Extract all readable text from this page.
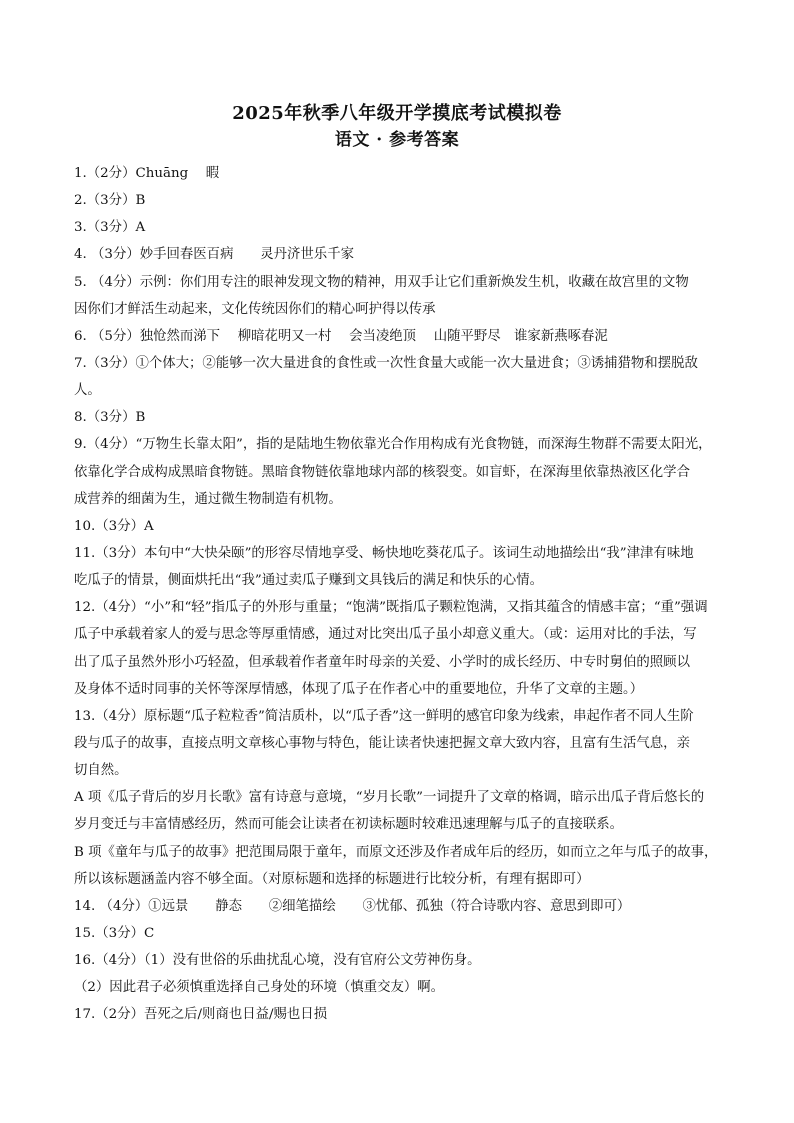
2025年秋季八年级开学摸底考试模拟卷
语文 · 参考答案
1.（2分）Chuāng　 暇
2.（3分）B
3.（3分）A
4. （3分）妙手回春医百病　　灵丹济世乐千家
5. （4分）示例：你们用专注的眼神发现文物的精神，用双手让它们重新焕发生机，收藏在故宫里的文物
因你们才鲜活生动起来，文化传统因你们的精心呵护得以传承
6. （5分）独怆然而涕下　 柳暗花明又一村　 会当凌绝顶　 山随平野尽　谁家新燕啄春泥
7.（3分）①个体大；②能够一次大量进食的食性或一次性食量大或能一次大量进食；③诱捕猎物和摆脱敌
人。
8.（3分）B
9.（4分）“万物生长靠太阳”，指的是陆地生物依靠光合作用构成有光食物链，而深海生物群不需要太阳光，
依靠化学合成构成黑暗食物链。黑暗食物链依靠地球内部的核裂变。如盲虾，在深海里依靠热液区化学合
成营养的细菌为生，通过微生物制造有机物。
10.（3分）A
11.（3分）本句中“大快朵颐”的形容尽情地享受、畅快地吃葵花瓜子。该词生动地描绘出“我”津津有味地
吃瓜子的情景，侧面烘托出“我”通过卖瓜子赚到文具钱后的满足和快乐的心情。
12.（4分）“小”和“轻”指瓜子的外形与重量；“饱满”既指瓜子颗粒饱满，又指其蕴含的情感丰富；“重”强调
瓜子中承载着家人的爱与思念等厚重情感，通过对比突出瓜子虽小却意义重大。（或：运用对比的手法，写
出了瓜子虽然外形小巧轻盈，但承载着作者童年时母亲的关爱、小学时的成长经历、中专时舅伯的照顾以
及身体不适时同事的关怀等深厚情感，体现了瓜子在作者心中的重要地位，升华了文章的主题。）
13.（4分）原标题“瓜子粒粒香”简洁质朴，以“瓜子香”这一鲜明的感官印象为线索，串起作者不同人生阶
段与瓜子的故事，直接点明文章核心事物与特色，能让读者快速把握文章大致内容，且富有生活气息，亲
切自然。
A 项《瓜子背后的岁月长歌》富有诗意与意境，“岁月长歌”一词提升了文章的格调，暗示出瓜子背后悠长的
岁月变迁与丰富情感经历，然而可能会让读者在初读标题时较难迅速理解与瓜子的直接联系。
B 项《童年与瓜子的故事》把范围局限于童年，而原文还涉及作者成年后的经历，如而立之年与瓜子的故事，
所以该标题涵盖内容不够全面。（对原标题和选择的标题进行比较分析，有理有据即可）
14. （4分）①远景　　静态　　②细笔描绘　　③忧郁、孤独（符合诗歌内容、意思到即可）
15.（3分）C
16.（4分）（1）没有世俗的乐曲扰乱心境，没有官府公文劳神伤身。
（2）因此君子必须慎重选择自己身处的环境（慎重交友）啊。
17.（2分）吾死之后/则商也日益/赐也日损
